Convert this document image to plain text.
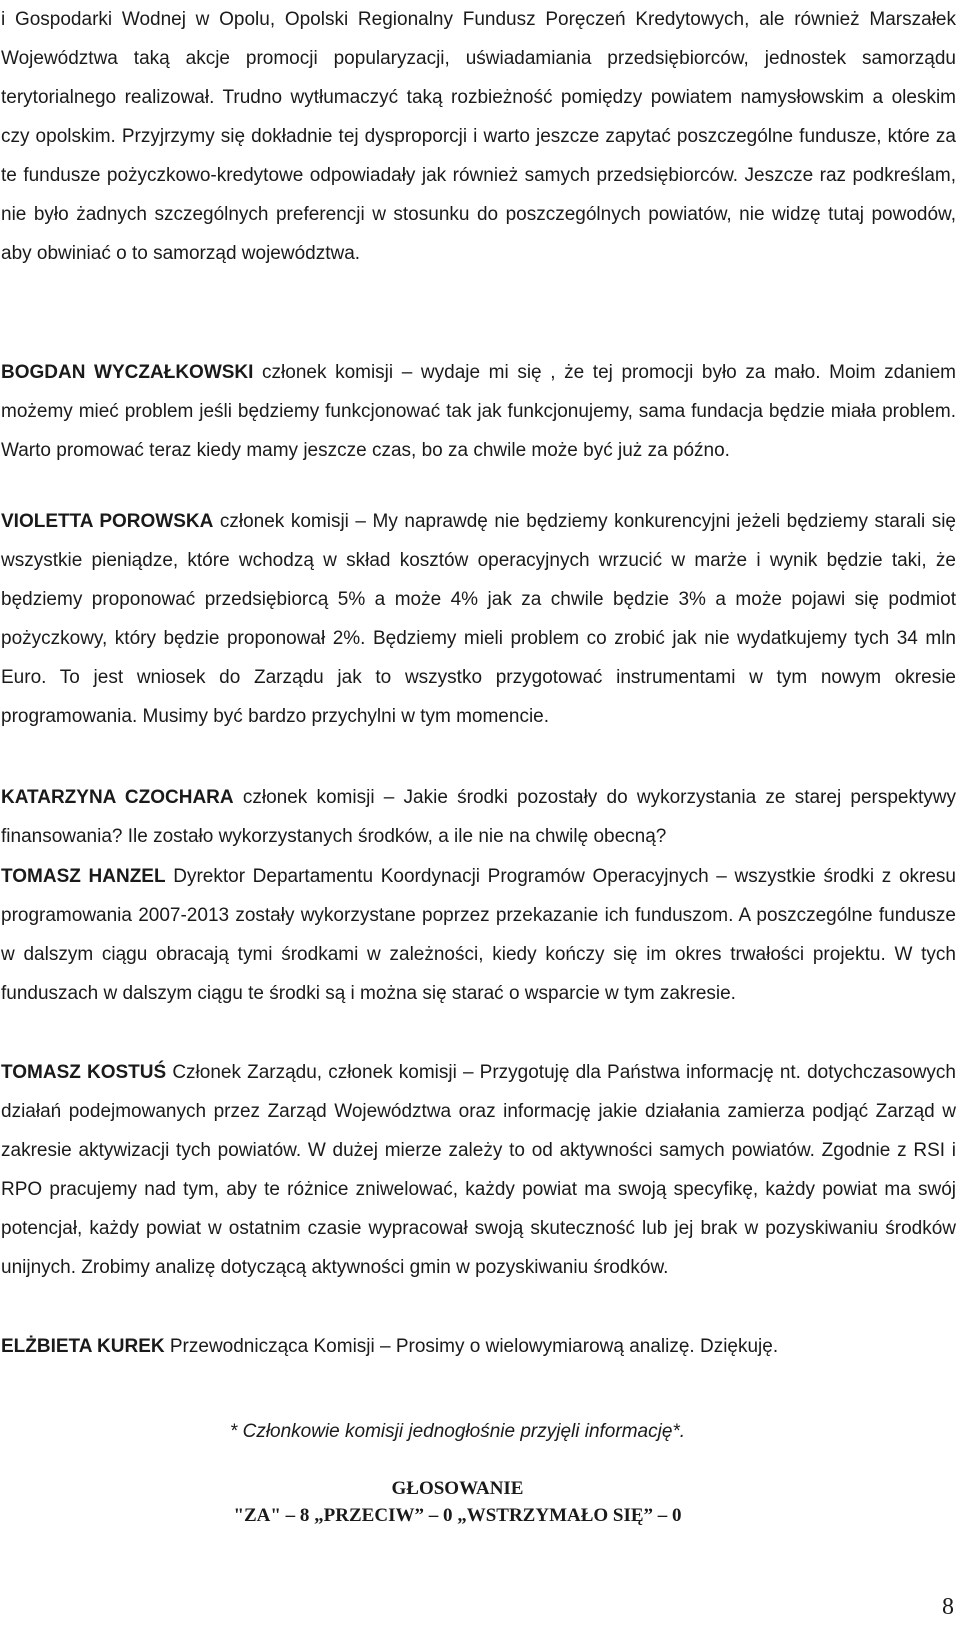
i Gospodarki Wodnej w Opolu, Opolski Regionalny Fundusz Poręczeń Kredytowych, ale również Marszałek Województwa taką akcje promocji popularyzacji, uświadamiania przedsiębiorców, jednostek samorządu terytorialnego realizował. Trudno wytłumaczyć taką rozbieżność pomiędzy powiatem namysłowskim a oleskim czy opolskim. Przyjrzymy się dokładnie tej dysproporcji i warto jeszcze zapytać poszczególne fundusze, które za te fundusze pożyczkowo-kredytowe odpowiadały jak również samych przedsiębiorców. Jeszcze raz podkreślam, nie było żadnych szczególnych preferencji w stosunku do poszczególnych powiatów, nie widzę tutaj powodów, aby obwiniać o to samorząd województwa.

BOGDAN WYCZAŁKOWSKI członek komisji – wydaje mi się , że tej promocji było za mało. Moim zdaniem możemy mieć problem jeśli będziemy funkcjonować tak jak funkcjonujemy, sama fundacja będzie miała problem. Warto promować teraz kiedy mamy jeszcze czas, bo za chwile może być już za późno.

VIOLETTA POROWSKA członek komisji – My naprawdę nie będziemy konkurencyjni jeżeli będziemy starali się wszystkie pieniądze, które wchodzą w skład kosztów operacyjnych wrzucić w marże i wynik będzie taki, że będziemy proponować przedsiębiorcą 5% a może 4% jak za chwile będzie 3% a może pojawi się podmiot pożyczkowy, który będzie proponował 2%. Będziemy mieli problem co zrobić jak nie wydatkujemy tych 34 mln Euro. To jest wniosek do Zarządu jak to wszystko przygotować instrumentami w tym nowym okresie programowania. Musimy być bardzo przychylni w tym momencie.

KATARZYNA CZOCHARA członek komisji – Jakie środki pozostały do wykorzystania ze starej perspektywy finansowania? Ile zostało wykorzystanych środków, a ile nie na chwilę obecną?

TOMASZ HANZEL Dyrektor Departamentu Koordynacji Programów Operacyjnych – wszystkie środki z okresu programowania 2007-2013 zostały wykorzystane poprzez przekazanie ich funduszom. A poszczególne fundusze w dalszym ciągu obracają tymi środkami w zależności, kiedy kończy się im okres trwałości projektu. W tych funduszach w dalszym ciągu te środki są i można się starać o wsparcie w tym zakresie.

TOMASZ KOSTUŚ Członek Zarządu, członek komisji – Przygotuję dla Państwa informację nt. dotychczasowych działań podejmowanych przez Zarząd Województwa oraz informację jakie działania zamierza podjąć Zarząd w zakresie aktywizacji tych powiatów. W dużej mierze zależy to od aktywności samych powiatów. Zgodnie z RSI i RPO pracujemy nad tym, aby te różnice zniwelować, każdy powiat ma swoją specyfikę, każdy powiat ma swój potencjał, każdy powiat w ostatnim czasie wypracował swoją skuteczność lub jej brak w pozyskiwaniu środków unijnych. Zrobimy analizę dotyczącą aktywności gmin w pozyskiwaniu środków.

ELŻBIETA KUREK Przewodnicząca Komisji – Prosimy o wielowymiarową analizę. Dziękuję.

* Członkowie komisji jednogłośnie przyjęli informację*.
GŁOSOWANIE
"ZA" – 8 „PRZECIW” – 0 „WSTRZYMAŁO SIĘ” – 0
8
